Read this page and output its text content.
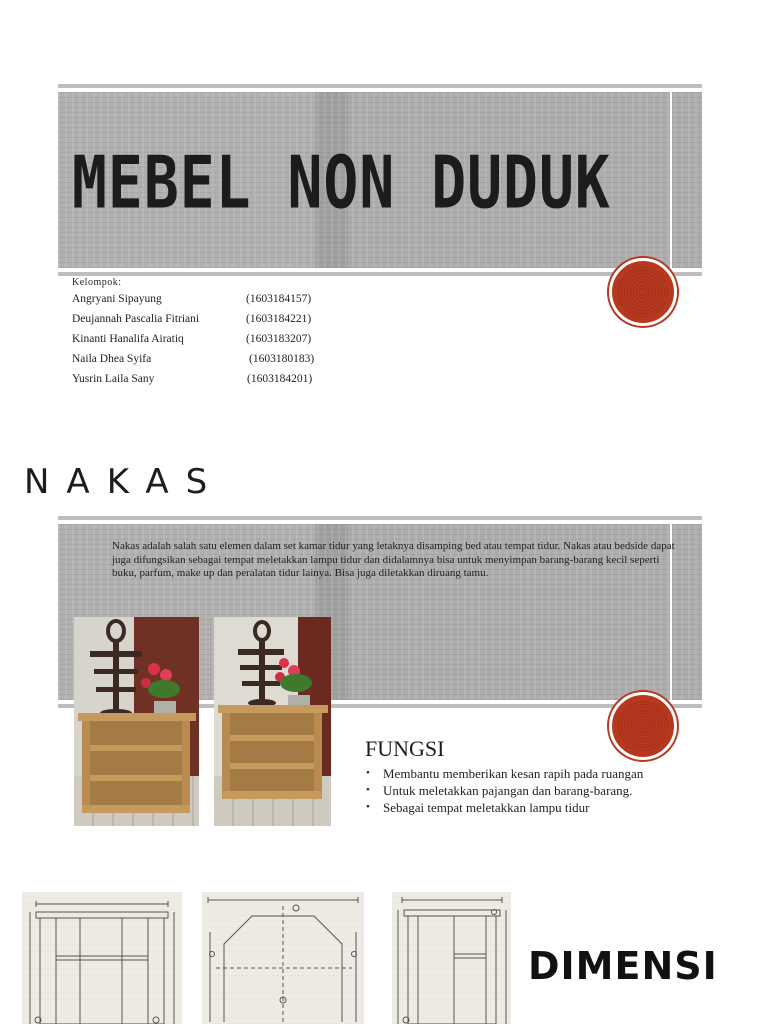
MEBEL NON DUDUK
Kelompok:
Angryani Sipayung	(1603184157)
Deujannah Pascalia Fitriani	(1603184221)
Kinanti Hanalifa Airatiq	(1603183207)
Naila Dhea Syifa	(1603180183)
Yusrin Laila Sany	(1603184201)
NAKAS
Nakas adalah salah satu elemen dalam set kamar tidur yang letaknya disamping bed atau tempat tidur. Nakas atau bedside dapat juga difungsikan sebagai tempat meletakkan lampu tidur dan didalamnya bisa untuk menyimpan barang-barang kecil seperti buku, parfum, make up dan peralatan tidur lainya. Bisa juga diletakkan diruang tamu.
FUNGSI
• Membantu memberikan kesan rapih pada ruangan
• Untuk meletakkan pajangan dan barang-barang.
• Sebagai tempat meletakkan lampu tidur
DIMENSI
